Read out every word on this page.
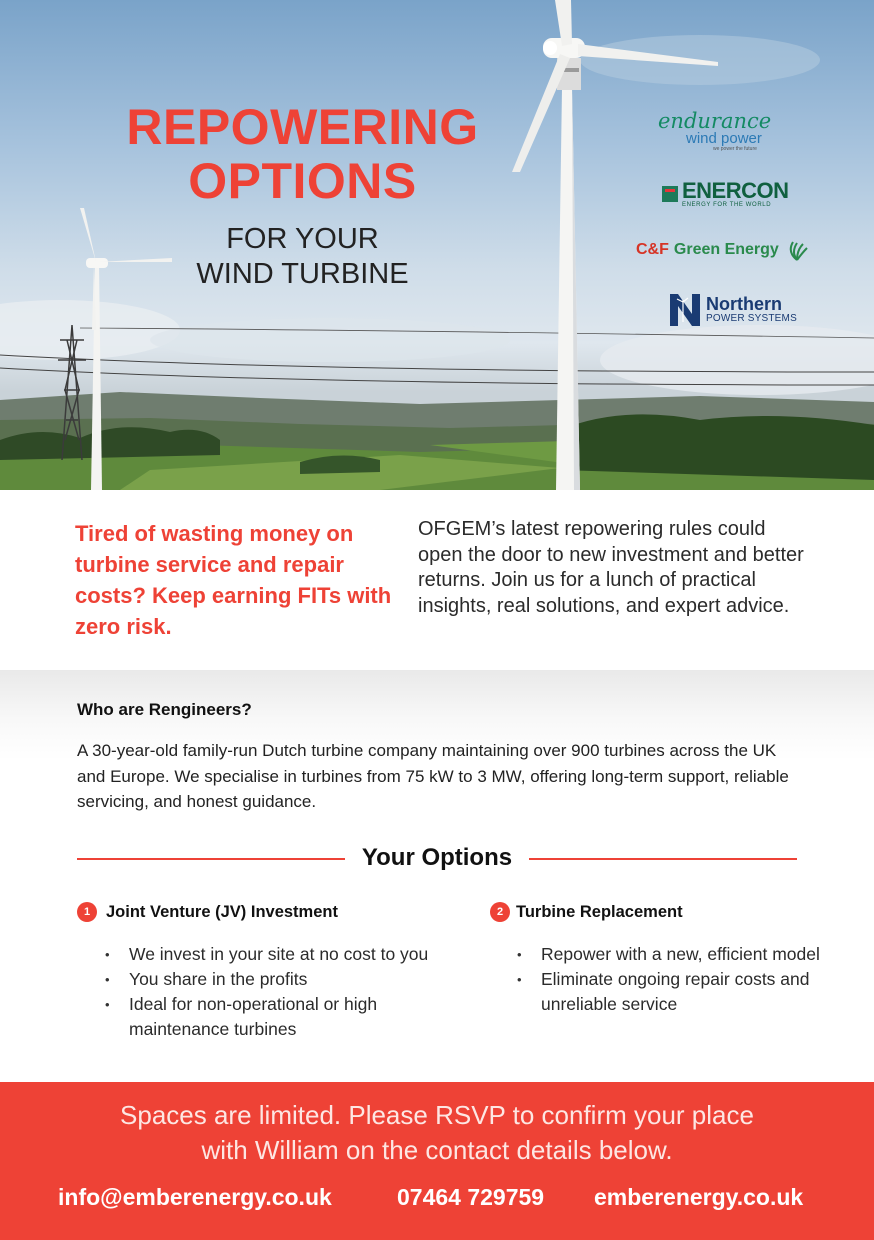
REPOWERING
OPTIONS
FOR YOUR
WIND TURBINE
endurance
wind power
we power the future
ENERCON
ENERGY FOR THE WORLD
C&F Green Energy
Northern
POWER SYSTEMS

Tired of wasting money on turbine service and repair costs? Keep earning FITs with zero risk.

OFGEM’s latest repowering rules could open the door to new investment and better returns. Join us for a lunch of practical insights, real solutions, and expert advice.

Who are Rengineers?

A 30-year-old family-run Dutch turbine company maintaining over 900 turbines across the UK and Europe. We specialise in turbines from 75 kW to 3 MW, offering long-term support, reliable servicing, and honest guidance.

Your Options
1 Joint Venture (JV) Investment
• We invest in your site at no cost to you
• You share in the profits
• Ideal for non-operational or high maintenance turbines
2 Turbine Replacement
• Repower with a new, efficient model
• Eliminate ongoing repair costs and unreliable service
Spaces are limited. Please RSVP to confirm your place
with William on the contact details below.
info@emberenergy.co.uk	07464 729759 emberenergy.co.uk
